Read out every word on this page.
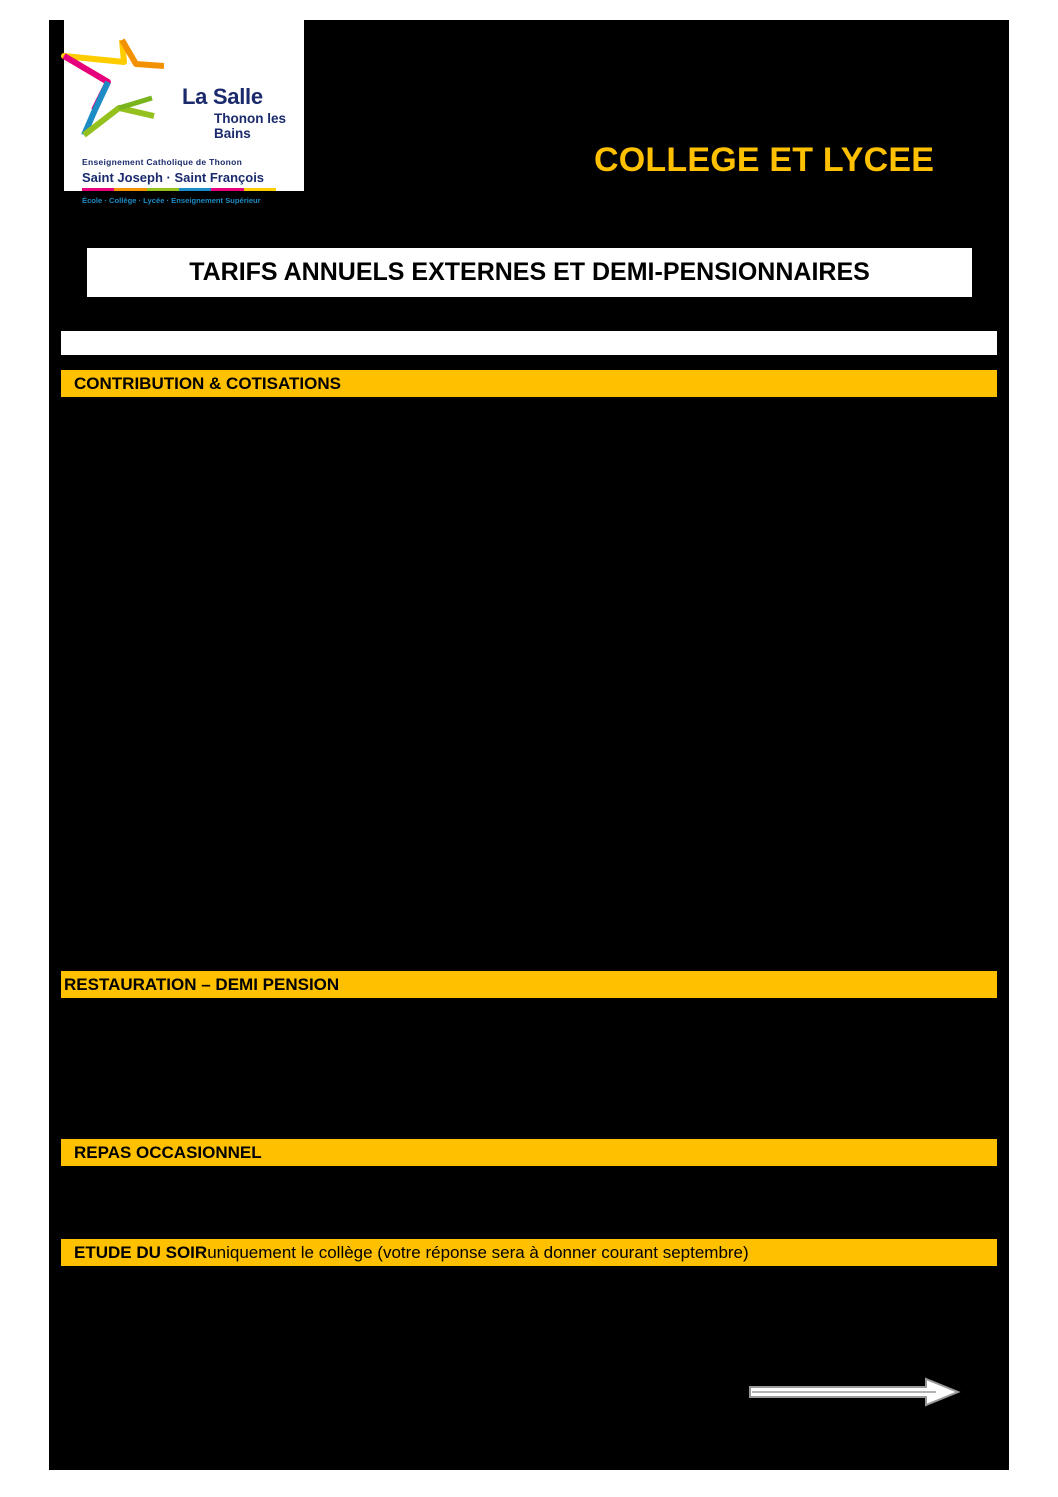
La Salle
Thonon les Bains
Enseignement Catholique de Thonon
Saint Joseph · Saint François
École · Collège · Lycée · Enseignement Supérieur
COLLEGE ET LYCEE
TARIFS ANNUELS EXTERNES ET DEMI-PENSIONNAIRES
CONTRIBUTION & COTISATIONS
RESTAURATION – DEMI PENSION
REPAS OCCASIONNEL
ETUDE DU SOIR uniquement le collège (votre réponse sera à donner courant septembre)
